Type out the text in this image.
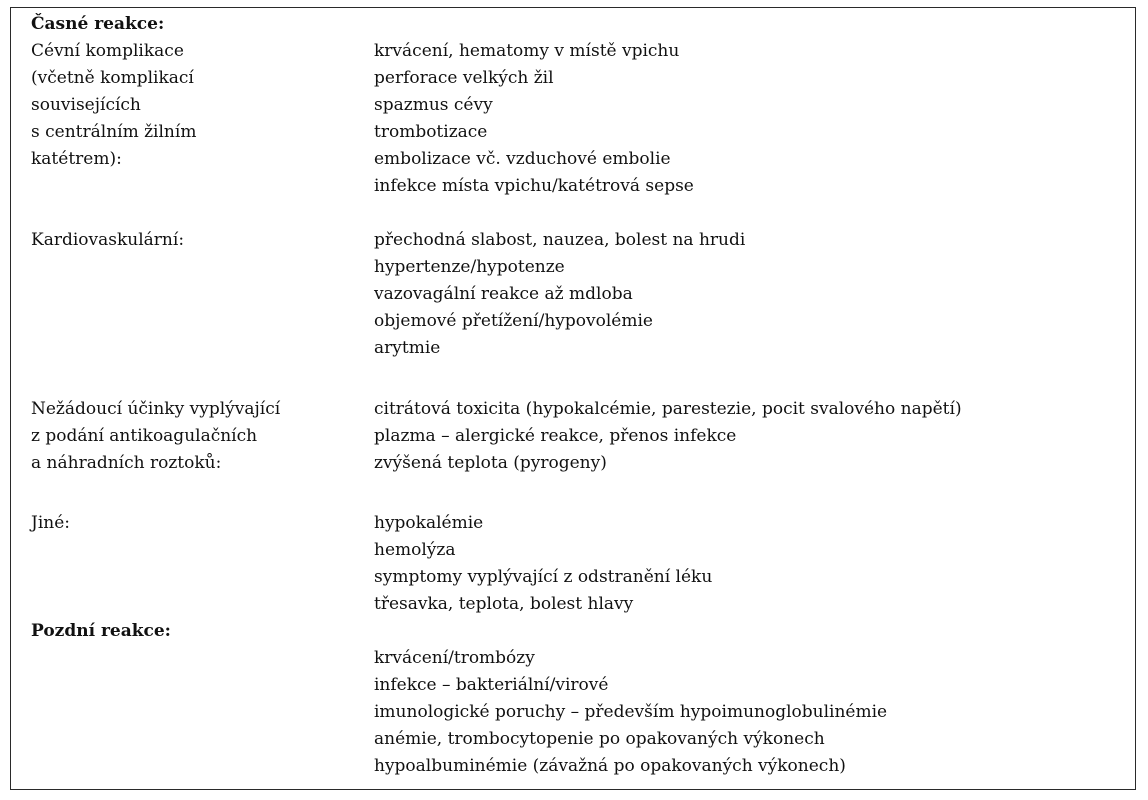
Časné reakce:
Cévní komplikace
(včetně komplikací
souvisejících
s centrálním žilním
katétrem):
krvácení, hematomy v místě vpichu
perforace velkých žil
spazmus cévy
trombotizace
embolizace vč. vzduchové embolie
infekce místa vpichu/katétrová sepse
Kardiovaskulární:	přechodná slabost, nauzea, bolest na hrudi
hypertenze/hypotenze
vazovagální reakce až mdloba
objemové přetížení/hypovolémie
arytmie
Nežádoucí účinky vyplývající
z podání antikoagulačních
a náhradních roztoků:
citrátová toxicita (hypokalcémie, parestezie, pocit svalového napětí)
plazma – alergické reakce, přenos infekce
zvýšená teplota (pyrogeny)
Jiné:	hypokalémie
hemolýza
symptomy vyplývající z odstranění léku
třesavka, teplota, bolest hlavy
Pozdní reakce:
krvácení/trombózy
infekce – bakteriální/virové
imunologické poruchy – především hypoimunoglobulinémie
anémie, trombocytopenie po opakovaných výkonech
hypoalbuminémie (závažná po opakovaných výkonech)
